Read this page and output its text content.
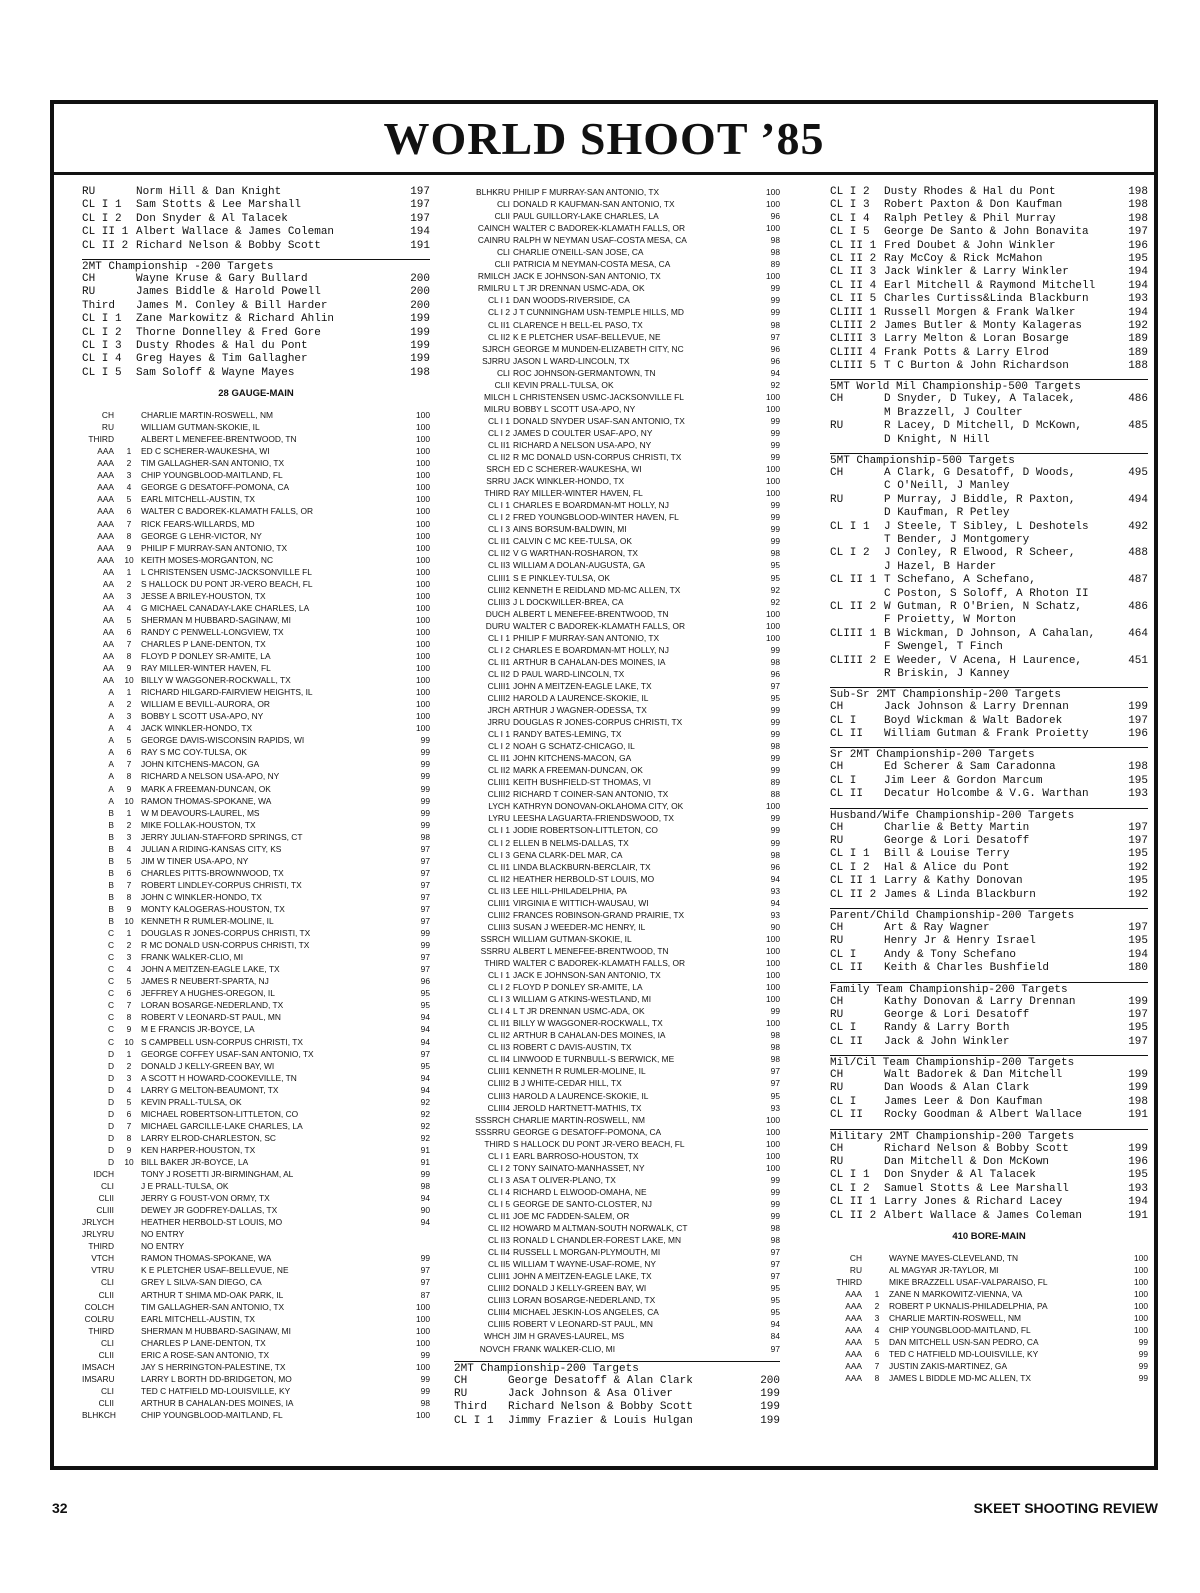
WORLD SHOOT ’85
RU	Norm Hill & Dan Knight	197
CL I 1	Sam Stotts & Lee Marshall	197
CL I 2	Don Snyder & Al Talacek	197
CL II 1 Albert Wallace & James Coleman	194
CL II 2 Richard Nelson & Bobby Scott	191
2MT Championship -200 Targets
CH	Wayne Kruse & Gary Bullard	200
RU	James Biddle & Harold Powell	200
Third	James M. Conley & Bill Harder	200
CL I 1	Zane Markowitz & Richard Ahlin	199
CL I 2	Thorne Donnelley & Fred Gore	199
CL I 3	Dusty Rhodes & Hal du Pont	199
CL I 4	Greg Hayes & Tim Gallagher	199
CL I 5	Sam Soloff & Wayne Mayes	198
28 GAUGE-MAIN
CH	CHARLIE MARTIN-ROSWELL, NM	100
RU	WILLIAM GUTMAN-SKOKIE, IL	100
THIRD	ALBERT L MENEFEE-BRENTWOOD, TN	100
AAA	1	ED C SCHERER-WAUKESHA, WI	100
AAA	2	TIM GALLAGHER-SAN ANTONIO, TX	100
AAA	3	CHIP YOUNGBLOOD-MAITLAND, FL	100
AAA	4	GEORGE G DESATOFF-POMONA, CA	100
AAA	5	EARL MITCHELL-AUSTIN, TX	100
AAA	6	WALTER C BADOREK-KLAMATH FALLS, OR	100
AAA	7	RICK FEARS-WILLARDS, MD	100
AAA	8	GEORGE G LEHR-VICTOR, NY	100
AAA	9	PHILIP F MURRAY-SAN ANTONIO, TX	100
AAA	10 KEITH MOSES-MORGANTON, NC	100
AA	1	L CHRISTENSEN USMC-JACKSONVILLE FL	100
AA	2	S HALLOCK DU PONT JR-VERO BEACH, FL	100
AA	3	JESSE A BRILEY-HOUSTON, TX	100
AA	4	G MICHAEL CANADAY-LAKE CHARLES, LA	100
AA	5	SHERMAN M HUBBARD-SAGINAW, MI	100
AA	6	RANDY C PENWELL-LONGVIEW, TX	100
AA	7	CHARLES P LANE-DENTON, TX	100
AA	8	FLOYD P DONLEY SR-AMITE, LA	100
AA	9	RAY MILLER-WINTER HAVEN, FL	100
AA	10 BILLY W WAGGONER-ROCKWALL, TX	100
A	1	RICHARD HILGARD-FAIRVIEW HEIGHTS, IL	100
A	2	WILLIAM E BEVILL-AURORA, OR	100
A	3	BOBBY L SCOTT USA-APO, NY	100
A	4	JACK WINKLER-HONDO, TX	100
A	5	GEORGE DAVIS-WISCONSIN RAPIDS, WI	99
A	6	RAY S MC COY-TULSA, OK	99
A	7	JOHN KITCHENS-MACON, GA	99
A	8	RICHARD A NELSON USA-APO, NY	99
A	9	MARK A FREEMAN-DUNCAN, OK	99
A	10 RAMON THOMAS-SPOKANE, WA	99
B	1	W M DEAVOURS-LAUREL, MS	99
B	2	MIKE FOLLAK-HOUSTON, TX	99
B	3	JERRY JULIAN-STAFFORD SPRINGS, CT	98
B	4	JULIAN A RIDING-KANSAS CITY, KS	97
B	5	JIM W TINER USA-APO, NY	97
B	6	CHARLES PITTS-BROWNWOOD, TX	97
B	7	ROBERT LINDLEY-CORPUS CHRISTI, TX	97
B	8	JOHN C WINKLER-HONDO, TX	97
B	9	MONTY KALOGERAS-HOUSTON, TX	97
B	10 KENNETH R RUMLER-MOLINE, IL	97
C	1	DOUGLAS R JONES-CORPUS CHRISTI, TX	99
C	2	R MC DONALD USN-CORPUS CHRISTI, TX	99
C	3	FRANK WALKER-CLIO, MI	97
C	4	JOHN A MEITZEN-EAGLE LAKE, TX	97
C	5	JAMES R NEUBERT-SPARTA, NJ	96
C	6	JEFFREY A HUGHES-OREGON, IL	95
C	7	LORAN BOSARGE-NEDERLAND, TX	95
C	8	ROBERT V LEONARD-ST PAUL, MN	94
C	9	M E FRANCIS JR-BOYCE, LA	94
C	10 S CAMPBELL USN-CORPUS CHRISTI, TX	94
D	1	GEORGE COFFEY USAF-SAN ANTONIO, TX	97
D	2	DONALD J KELLY-GREEN BAY, WI	95
D	3	A SCOTT H HOWARD-COOKEVILLE, TN	94
D	4	LARRY G MELTON-BEAUMONT, TX	94
D	5	KEVIN PRALL-TULSA, OK	92
D	6	MICHAEL ROBERTSON-LITTLETON, CO	92
D	7	MICHAEL GARCILLE-LAKE CHARLES, LA	92
D	8	LARRY ELROD-CHARLESTON, SC	92
D	9	KEN HARPER-HOUSTON, TX	91
D	10 BILL BAKER JR-BOYCE, LA	91
IDCH	TONY J ROSETTI JR-BIRMINGHAM, AL	99
CLI	J E PRALL-TULSA, OK	98
CLII	JERRY G FOUST-VON ORMY, TX	94
CLIII	DEWEY JR GODFREY-DALLAS, TX	90
JRLYCH	HEATHER HERBOLD-ST LOUIS, MO	94
JRLYRU	NO ENTRY
THIRD	NO ENTRY
VTCH	RAMON THOMAS-SPOKANE, WA	99
VTRU	K E PLETCHER USAF-BELLEVUE, NE	97
CLI	GREY L SILVA-SAN DIEGO, CA	97
CLII	ARTHUR T SHIMA MD-OAK PARK, IL	87
COLCH	TIM GALLAGHER-SAN ANTONIO, TX	100
COLRU	EARL MITCHELL-AUSTIN, TX	100
THIRD	SHERMAN M HUBBARD-SAGINAW, MI	100
CLI	CHARLES P LANE-DENTON, TX	100
CLII	ERIC A ROSE-SAN ANTONIO, TX	99
IMSACH	JAY S HERRINGTON-PALESTINE, TX	100
IMSARU	LARRY L BORTH DD-BRIDGETON, MO	99
CLI	TED C HATFIELD MD-LOUISVILLE, KY	99
CLII	ARTHUR B CAHALAN-DES MOINES, IA	98
BLHKCH	CHIP YOUNGBLOOD-MAITLAND, FL	100
BLHKRU PHILIP F MURRAY-SAN ANTONIO, TX	100
CLI DONALD R KAUFMAN-SAN ANTONIO, TX	100
CLII PAUL GUILLORY-LAKE CHARLES, LA	96
CAINCH WALTER C BADOREK-KLAMATH FALLS, OR	100
CAINRU RALPH W NEYMAN USAF-COSTA MESA, CA	98
CLI CHARLIE O'NEILL-SAN JOSE, CA	98
CLII PATRICIA M NEYMAN-COSTA MESA, CA	89
RMILCH JACK E JOHNSON-SAN ANTONIO, TX	100
RMILRU L T JR DRENNAN USMC-ADA, OK	99
CL I 1 DAN WOODS-RIVERSIDE, CA	99
CL I 2 J T CUNNINGHAM USN-TEMPLE HILLS, MD	99
CL II1 CLARENCE H BELL-EL PASO, TX	98
CL II2 K E PLETCHER USAF-BELLEVUE, NE	97
SJRCH GEORGE M MUNDEN-ELIZABETH CITY, NC	96
SJRRU JASON L WARD-LINCOLN, TX	96
CLI ROC JOHNSON-GERMANTOWN, TN	94
CLII KEVIN PRALL-TULSA, OK	92
MILCH L CHRISTENSEN USMC-JACKSONVILLE FL	100
MILRU BOBBY L SCOTT USA-APO, NY	100
CL I 1 DONALD SNYDER USAF-SAN ANTONIO, TX	99
CL I 2 JAMES D COULTER USAF-APO, NY	99
CL II1 RICHARD A NELSON USA-APO, NY	99
CL II2 R MC DONALD USN-CORPUS CHRISTI, TX	99
SRCH ED C SCHERER-WAUKESHA, WI	100
SRRU JACK WINKLER-HONDO, TX	100
THIRD RAY MILLER-WINTER HAVEN, FL	100
CL I 1 CHARLES E BOARDMAN-MT HOLLY, NJ	99
CL I 2 FRED YOUNGBLOOD-WINTER HAVEN, FL	99
CL I 3 AINS BORSUM-BALDWIN, MI	99
CL II1 CALVIN C MC KEE-TULSA, OK	99
CL II2 V G WARTHAN-ROSHARON, TX	98
CL II3 WILLIAM A DOLAN-AUGUSTA, GA	95
CLIII1 S E PINKLEY-TULSA, OK	95
CLIII2 KENNETH E REIDLAND MD-MC ALLEN, TX	92
CLIII3 J L DOCKWILLER-BREA, CA	92
DUCH ALBERT L MENEFEE-BRENTWOOD, TN	100
DURU WALTER C BADOREK-KLAMATH FALLS, OR	100
CL I 1 PHILIP F MURRAY-SAN ANTONIO, TX	100
CL I 2 CHARLES E BOARDMAN-MT HOLLY, NJ	99
CL II1 ARTHUR B CAHALAN-DES MOINES, IA	98
CL II2 D PAUL WARD-LINCOLN, TX	96
CLIII1 JOHN A MEITZEN-EAGLE LAKE, TX	97
CLIII2 HAROLD A LAURENCE-SKOKIE, IL	95
JRCH ARTHUR J WAGNER-ODESSA, TX	99
JRRU DOUGLAS R JONES-CORPUS CHRISTI, TX	99
CL I 1 RANDY BATES-LEMING, TX	99
CL I 2 NOAH G SCHATZ-CHICAGO, IL	98
CL II1 JOHN KITCHENS-MACON, GA	99
CL II2 MARK A FREEMAN-DUNCAN, OK	99
CLIII1 KEITH BUSHFIELD-ST THOMAS, VI	89
CLIII2 RICHARD T COINER-SAN ANTONIO, TX	88
LYCH KATHRYN DONOVAN-OKLAHOMA CITY, OK	100
LYRU LEESHA LAGUARTA-FRIENDSWOOD, TX	99
CL I 1 JODIE ROBERTSON-LITTLETON, CO	99
CL I 2 ELLEN B NELMS-DALLAS, TX	99
CL I 3 GENA CLARK-DEL MAR, CA	98
CL II1 LINDA BLACKBURN-BERCLAIR, TX	96
CL II2 HEATHER HERBOLD-ST LOUIS, MO	94
CL II3 LEE HILL-PHILADELPHIA, PA	93
CLIII1 VIRGINIA E WITTICH-WAUSAU, WI	94
CLIII2 FRANCES ROBINSON-GRAND PRAIRIE, TX	93
CLIII3 SUSAN J WEEDER-MC HENRY, IL	90
SSRCH WILLIAM GUTMAN-SKOKIE, IL	100
SSRRU ALBERT L MENEFEE-BRENTWOOD, TN	100
THIRD WALTER C BADOREK-KLAMATH FALLS, OR	100
CL I 1 JACK E JOHNSON-SAN ANTONIO, TX	100
CL I 2 FLOYD P DONLEY SR-AMITE, LA	100
CL I 3 WILLIAM G ATKINS-WESTLAND, MI	100
CL I 4 L T JR DRENNAN USMC-ADA, OK	99
CL II1 BILLY W WAGGONER-ROCKWALL, TX	100
CL II2 ARTHUR B CAHALAN-DES MOINES, IA	98
CL II3 ROBERT C DAVIS-AUSTIN, TX	98
CL II4 LINWOOD E TURNBULL-S BERWICK, ME	98
CLIII1 KENNETH R RUMLER-MOLINE, IL	97
CLIII2 B J WHITE-CEDAR HILL, TX	97
CLIII3 HAROLD A LAURENCE-SKOKIE, IL	95
CLIII4 JEROLD HARTNETT-MATHIS, TX	93
SSSRCH CHARLIE MARTIN-ROSWELL, NM	100
SSSRRU GEORGE G DESATOFF-POMONA, CA	100
THIRD S HALLOCK DU PONT JR-VERO BEACH, FL	100
CL I 1 EARL BARROSO-HOUSTON, TX	100
CL I 2 TONY SAINATO-MANHASSET, NY	100
CL I 3 ASA T OLIVER-PLANO, TX	99
CL I 4 RICHARD L ELWOOD-OMAHA, NE	99
CL I 5 GEORGE DE SANTO-CLOSTER, NJ	99
CL II1 JOE MC FADDEN-SALEM, OR	99
CL II2 HOWARD M ALTMAN-SOUTH NORWALK, CT	98
CL II3 RONALD L CHANDLER-FOREST LAKE, MN	98
CL II4 RUSSELL L MORGAN-PLYMOUTH, MI	97
CL II5 WILLIAM T WAYNE-USAF-ROME, NY	97
CLIII1 JOHN A MEITZEN-EAGLE LAKE, TX	97
CLIII2 DONALD J KELLY-GREEN BAY, WI	95
CLIII3 LORAN BOSARGE-NEDERLAND, TX	95
CLIII4 MICHAEL JESKIN-LOS ANGELES, CA	95
CLIII5 ROBERT V LEONARD-ST PAUL, MN	94
WHCH JIM H GRAVES-LAUREL, MS	84
NOVCH FRANK WALKER-CLIO, MI	97
2MT Championship-200 Targets
CH	George Desatoff & Alan Clark	200
RU	Jack Johnson & Asa Oliver	199
Third	Richard Nelson & Bobby Scott	199
CL I 1	Jimmy Frazier & Louis Hulgan	199
CL I 2	Dusty Rhodes & Hal du Pont	198
CL I 3	Robert Paxton & Don Kaufman	198
CL I 4	Ralph Petley & Phil Murray	198
CL I 5	George De Santo & John Bonavita	197
CL II 1 Fred Doubet & John Winkler	196
CL II 2 Ray McCoy & Rick McMahon	195
CL II 3 Jack Winkler & Larry Winkler	194
CL II 4 Earl Mitchell & Raymond Mitchell	194
CL II 5 Charles Curtiss&Linda Blackburn	193
CLIII 1 Russell Morgen & Frank Walker	194
CLIII 2 James Butler & Monty Kalageras	192
CLIII 3 Larry Melton & Loran Bosarge	189
CLIII 4 Frank Potts & Larry Elrod	189
CLIII 5 T C Burton & John Richardson	188
5MT World Mil Championship-500 Targets
CH	D Snyder, D Tukey, A Talacek,	486
M Brazzell, J Coulter
RU	R Lacey, D Mitchell, D McKown,	485
D Knight, N Hill
5MT Championship-500 Targets
CH	A Clark, G Desatoff, D Woods,	495
C O'Neill, J Manley
RU	P Murray, J Biddle, R Paxton,	494
D Kaufman, R Petley
CL I 1	J Steele, T Sibley, L Deshotels	492
T Bender, J Montgomery
CL I 2	J Conley, R Elwood, R Scheer,	488
J Hazel, B Harder
CL II 1 T Schefano, A Schefano,	487
C Poston, S Soloff, A Rhoton II
CL II 2 W Gutman, R O'Brien, N Schatz,	486
F Proietty, W Morton
CLIII 1 B Wickman, D Johnson, A Cahalan,	464
F Swengel, T Finch
CLIII 2 E Weeder, V Acena, H Laurence,	451
R Briskin, J Kanney
Sub-Sr 2MT Championship-200 Targets
CH	Jack Johnson & Larry Drennan	199
CL I	Boyd Wickman & Walt Badorek	197
CL II	William Gutman & Frank Proietty	196
Sr 2MT Championship-200 Targets
CH	Ed Scherer & Sam Caradonna	198
CL I	Jim Leer & Gordon Marcum	195
CL II	Decatur Holcombe & V.G. Warthan	193
Husband/Wife Championship-200 Targets
CH	Charlie & Betty Martin	197
RU	George & Lori Desatoff	197
CL I 1	Bill & Louise Terry	195
CL I 2	Hal & Alice du Pont	192
CL II 1 Larry & Kathy Donovan	195
CL II 2 James & Linda Blackburn	192
Parent/Child Championship-200 Targets
CH	Art & Ray Wagner	197
RU	Henry Jr & Henry Israel	195
CL I	Andy & Tony Schefano	194
CL II	Keith & Charles Bushfield	180
Family Team Championship-200 Targets
CH	Kathy Donovan & Larry Drennan	199
RU	George & Lori Desatoff	197
CL I	Randy & Larry Borth	195
CL II	Jack & John Winkler	197
Mil/Cil Team Championship-200 Targets
CH	Walt Badorek & Dan Mitchell	199
RU	Dan Woods & Alan Clark	199
CL I	James Leer & Don Kaufman	198
CL II	Rocky Goodman & Albert Wallace	191
Military 2MT Championship-200 Targets
CH	Richard Nelson & Bobby Scott	199
RU	Dan Mitchell & Don McKown	196
CL I 1	Don Snyder & Al Talacek	195
CL I 2	Samuel Stotts & Lee Marshall	193
CL II 1 Larry Jones & Richard Lacey	194
CL II 2 Albert Wallace & James Coleman	191
410 BORE-MAIN
CH	WAYNE MAYES-CLEVELAND, TN	100
RU	AL MAGYAR JR-TAYLOR, MI	100
THIRD	MIKE BRAZZELL USAF-VALPARAISO, FL	100
AAA	1	ZANE N MARKOWITZ-VIENNA, VA	100
AAA	2	ROBERT P UKNALIS-PHILADELPHIA, PA	100
AAA	3	CHARLIE MARTIN-ROSWELL, NM	100
AAA	4	CHIP YOUNGBLOOD-MAITLAND, FL	100
AAA	5	DAN MITCHELL USN-SAN PEDRO, CA	99
AAA	6	TED C HATFIELD MD-LOUISVILLE, KY	99
AAA	7	JUSTIN ZAKIS-MARTINEZ, GA	99
AAA	8	JAMES L BIDDLE MD-MC ALLEN, TX	99
32	SKEET SHOOTING REVIEW
